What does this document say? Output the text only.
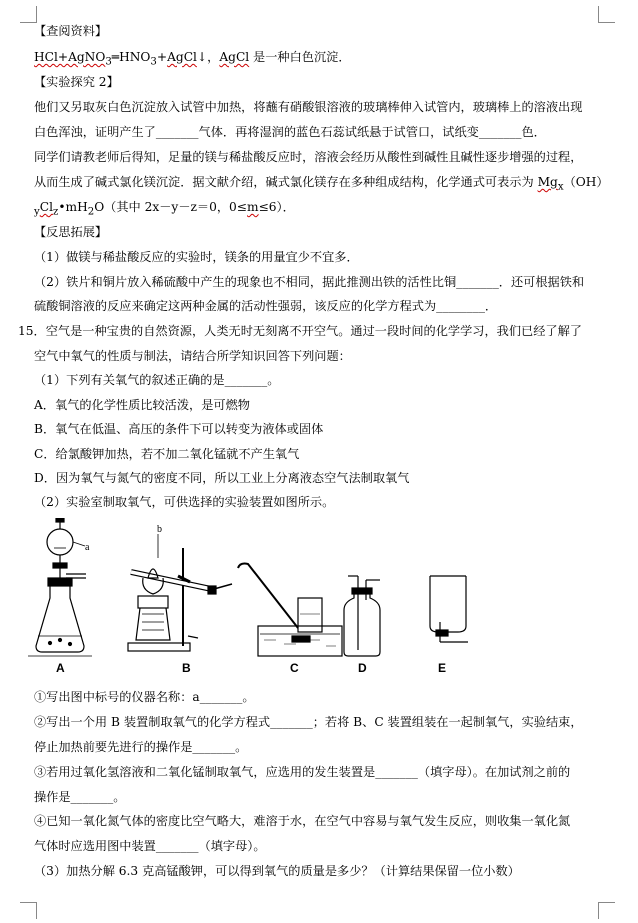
【查阅资料】
$HCl+AgNO_3═HNO_3+AgCl↓$，AgCl 是一种白色沉淀．
【实验探究 2】
他们又另取灰白色沉淀放入试管中加热，将蘸有硝酸银溶液的玻璃棒伸入试管内，玻璃棒上的溶液出现
白色浑浊，证明产生了_______气体．再将湿润的蓝色石蕊试纸悬于试管口，试纸变_______色．
同学们请教老师后得知，足量的镁与稀盐酸反应时，溶液会经历从酸性到碱性且碱性逐步增强的过程，
从而生成了碱式氯化镁沉淀．据文献介绍，碱式氯化镁存在多种组成结构，化学通式可表示为 $Mg_x(OH)$
$_yCl_z•mH_2O$（其中 2x－y－z＝0，0≤m≤6）．
【反思拓展】
（1）做镁与稀盐酸反应的实验时，镁条的用量宜少不宜多．
（2）铁片和铜片放入稀硫酸中产生的现象也不相同，据此推测出铁的活性比铜_______．还可根据铁和
硫酸铜溶液的反应来确定这两种金属的活动性强弱，该反应的化学方程式为________．
15．空气是一种宝贵的自然资源，人类无时无刻离不开空气。通过一段时间的化学学习，我们已经了解了
空气中氧气的性质与制法，请结合所学知识回答下列问题：
（1）下列有关氧气的叙述正确的是_______。
A．氧气的化学性质比较活泼，是可燃物
B．氧气在低温、高压的条件下可以转变为液体或固体
C．给氯酸钾加热，若不加二氧化锰就不产生氧气
D．因为氧气与氮气的密度不同，所以工业上分离液态空气法制取氧气
（2）实验室制取氧气，可供选择的实验装置如图所示。
a
b
A	B	C	D	E
①写出图中标号的仪器名称：a_______。
②写出一个用 B 装置制取氧气的化学方程式_______；若将 B、C 装置组装在一起制氧气，实验结束，
停止加热前要先进行的操作是_______。
③若用过氧化氢溶液和二氧化锰制取氧气，应选用的发生装置是_______（填字母）。在加试剂之前的
操作是_______。
④已知一氧化氮气体的密度比空气略大，难溶于水，在空气中容易与氧气发生反应，则收集一氧化氮
气体时应选用图中装置_______（填字母）。
（3）加热分解 6.3 克高锰酸钾，可以得到氧气的质量是多少？（计算结果保留一位小数）
